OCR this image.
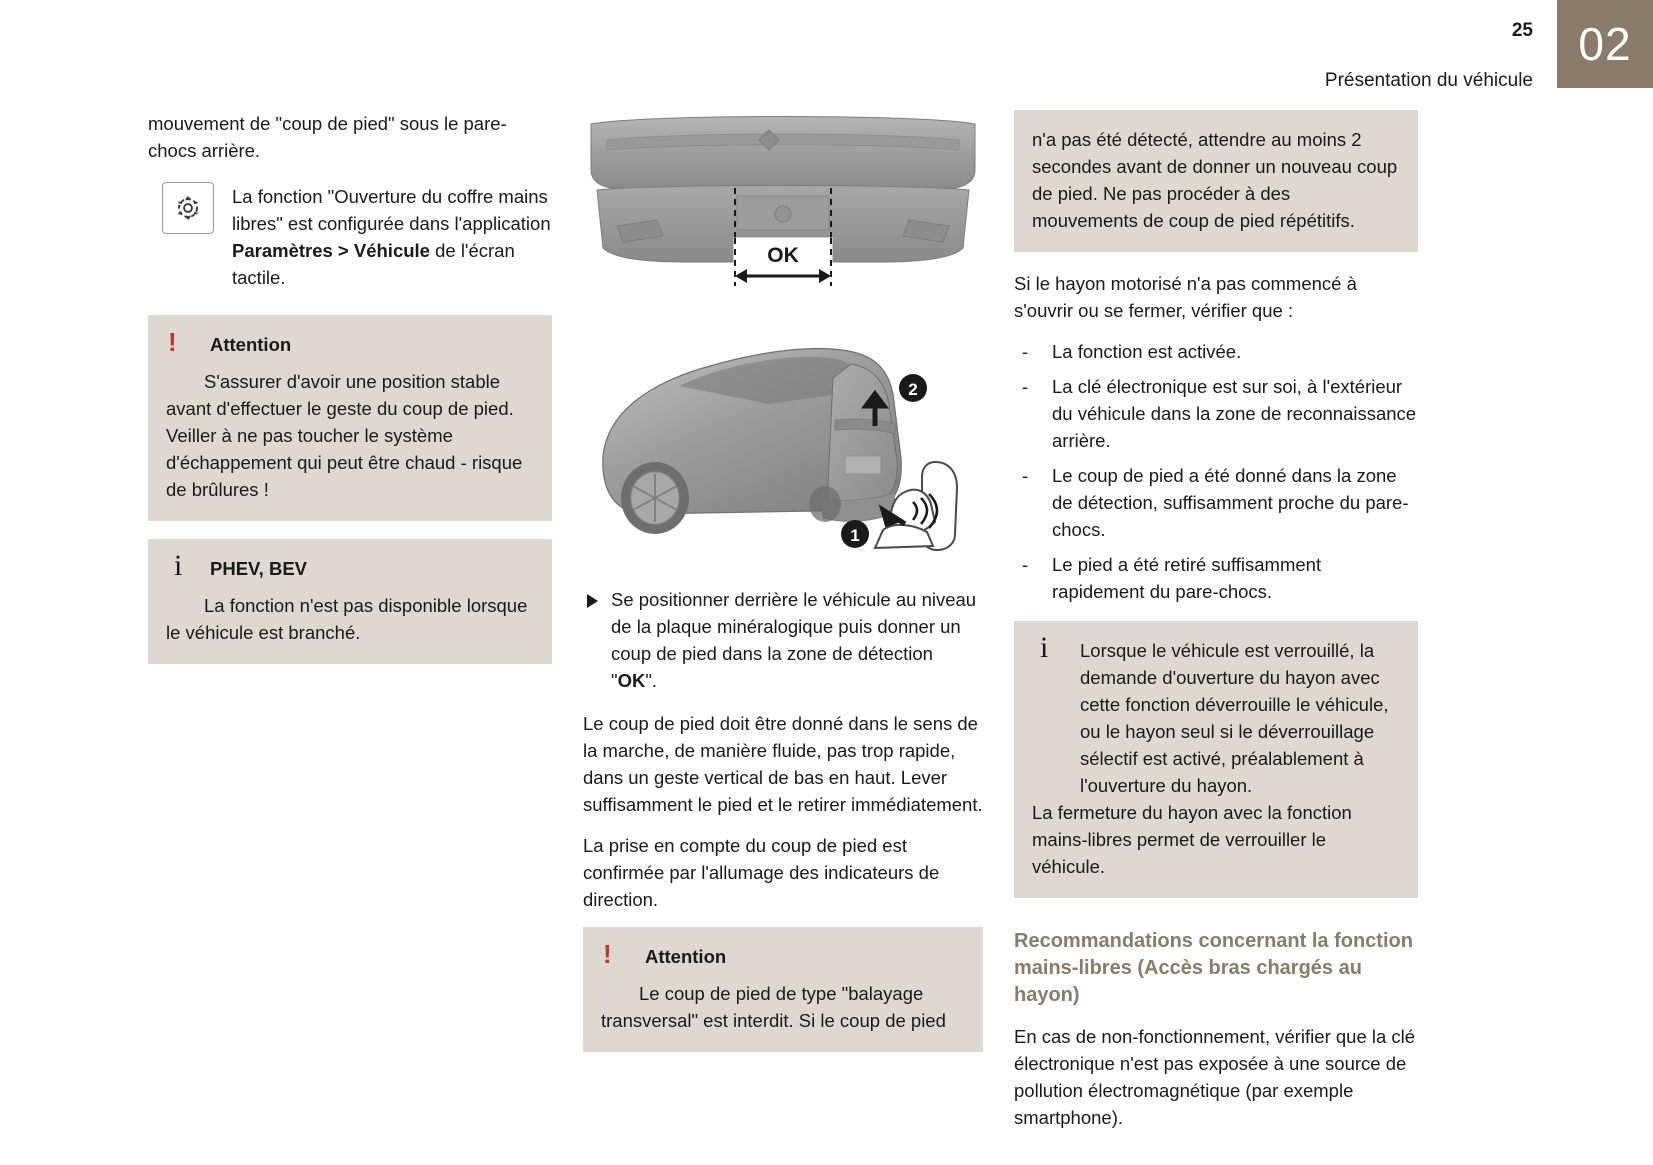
02
25
Présentation du véhicule

mouvement de "coup de pied" sous le pare-chocs arrière.

La fonction "Ouverture du coffre mains libres" est configurée dans l'application Paramètres > Véhicule de l'écran tactile.
! Attention
S'assurer d'avoir une position stable avant d'effectuer le geste du coup de pied. Veiller à ne pas toucher le système d'échappement qui peut être chaud - risque de brûlures !
i PHEV, BEV
La fonction n'est pas disponible lorsque le véhicule est branché.
OK
2
1
Se positionner derrière le véhicule au niveau de la plaque minéralogique puis donner un coup de pied dans la zone de détection "OK".

Le coup de pied doit être donné dans le sens de la marche, de manière fluide, pas trop rapide, dans un geste vertical de bas en haut. Lever suffisamment le pied et le retirer immédiatement.

La prise en compte du coup de pied est confirmée par l'allumage des indicateurs de direction.

! Attention
Le coup de pied de type "balayage transversal" est interdit. Si le coup de pied
n'a pas été détecté, attendre au moins 2 secondes avant de donner un nouveau coup de pied. Ne pas procéder à des mouvements de coup de pied répétitifs.

Si le hayon motorisé n'a pas commencé à s'ouvrir ou se fermer, vérifier que :

- La fonction est activée.
- La clé électronique est sur soi, à l'extérieur du véhicule dans la zone de reconnaissance arrière.
- Le coup de pied a été donné dans la zone de détection, suffisamment proche du pare-chocs.
- Le pied a été retiré suffisamment rapidement du pare-chocs.
i Lorsque le véhicule est verrouillé, la demande d'ouverture du hayon avec cette fonction déverrouille le véhicule, ou le hayon seul si le déverrouillage sélectif est activé, préalablement à l'ouverture du hayon.
La fermeture du hayon avec la fonction mains-libres permet de verrouiller le véhicule.
Recommandations concernant la fonction mains-libres (Accès bras chargés au hayon)

En cas de non-fonctionnement, vérifier que la clé électronique n'est pas exposée à une source de pollution électromagnétique (par exemple smartphone).
